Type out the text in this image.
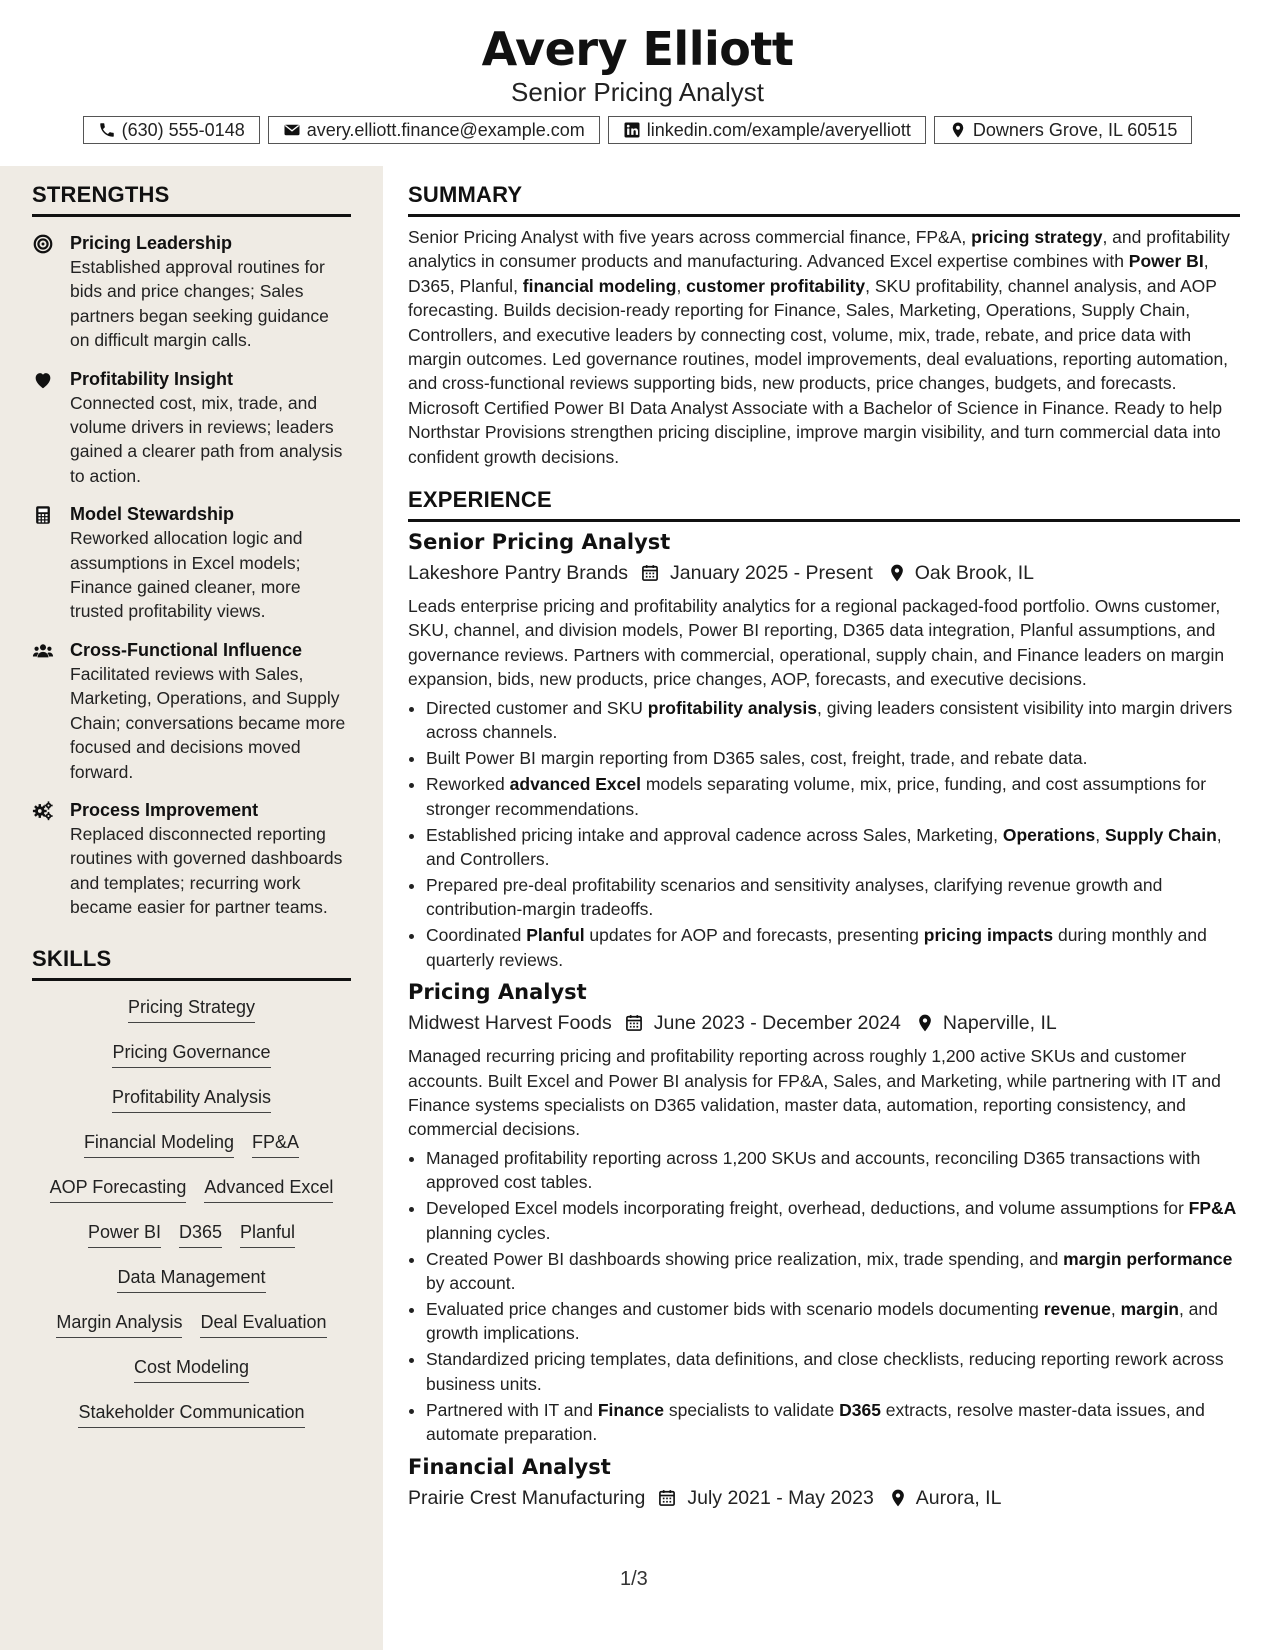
Avery Elliott
Senior Pricing Analyst
(630) 555-0148	avery.elliott.finance@example.com	linkedin.com/example/averyelliott	Downers Grove, IL 60515
STRENGTHS
Pricing Leadership
Established approval routines for bids and price changes; Sales partners began seeking guidance on difficult margin calls.
Profitability Insight
Connected cost, mix, trade, and volume drivers in reviews; leaders gained a clearer path from analysis to action.
Model Stewardship
Reworked allocation logic and assumptions in Excel models; Finance gained cleaner, more trusted profitability views.
Cross-Functional Influence
Facilitated reviews with Sales, Marketing, Operations, and Supply Chain; conversations became more focused and decisions moved forward.
Process Improvement
Replaced disconnected reporting routines with governed dashboards and templates; recurring work became easier for partner teams.
SKILLS
Pricing Strategy
Pricing Governance
Profitability Analysis
Financial Modeling FP&A
AOP Forecasting Advanced Excel
Power BI D365 Planful
Data Management
Margin Analysis Deal Evaluation
Cost Modeling
Stakeholder Communication
SUMMARY

Senior Pricing Analyst with five years across commercial finance, FP&A, pricing strategy, and profitability analytics in consumer products and manufacturing. Advanced Excel expertise combines with Power BI, D365, Planful, financial modeling, customer profitability, SKU profitability, channel analysis, and AOP forecasting. Builds decision-ready reporting for Finance, Sales, Marketing, Operations, Supply Chain, Controllers, and executive leaders by connecting cost, volume, mix, trade, rebate, and price data with margin outcomes. Led governance routines, model improvements, deal evaluations, reporting automation, and cross-functional reviews supporting bids, new products, price changes, budgets, and forecasts. Microsoft Certified Power BI Data Analyst Associate with a Bachelor of Science in Finance. Ready to help Northstar Provisions strengthen pricing discipline, improve margin visibility, and turn commercial data into confident growth decisions.

EXPERIENCE
Senior Pricing Analyst
Lakeshore Pantry Brands January 2025 - Present Oak Brook, IL

Leads enterprise pricing and profitability analytics for a regional packaged-food portfolio. Owns customer, SKU, channel, and division models, Power BI reporting, D365 data integration, Planful assumptions, and governance reviews. Partners with commercial, operational, supply chain, and Finance leaders on margin expansion, bids, new products, price changes, AOP, forecasts, and executive decisions.

• Directed customer and SKU profitability analysis, giving leaders consistent visibility into margin drivers across channels.
• Built Power BI margin reporting from D365 sales, cost, freight, trade, and rebate data.
• Reworked advanced Excel models separating volume, mix, price, funding, and cost assumptions for stronger recommendations.
• Established pricing intake and approval cadence across Sales, Marketing, Operations, Supply Chain, and Controllers.
• Prepared pre-deal profitability scenarios and sensitivity analyses, clarifying revenue growth and contribution-margin tradeoffs.
• Coordinated Planful updates for AOP and forecasts, presenting pricing impacts during monthly and quarterly reviews.
Pricing Analyst
Midwest Harvest Foods June 2023 - December 2024 Naperville, IL

Managed recurring pricing and profitability reporting across roughly 1,200 active SKUs and customer accounts. Built Excel and Power BI analysis for FP&A, Sales, and Marketing, while partnering with IT and Finance systems specialists on D365 validation, master data, automation, reporting consistency, and commercial decisions.

• Managed profitability reporting across 1,200 SKUs and accounts, reconciling D365 transactions with approved cost tables.
• Developed Excel models incorporating freight, overhead, deductions, and volume assumptions for FP&A planning cycles.
• Created Power BI dashboards showing price realization, mix, trade spending, and margin performance by account.
• Evaluated price changes and customer bids with scenario models documenting revenue, margin, and growth implications.
• Standardized pricing templates, data definitions, and close checklists, reducing reporting rework across business units.
• Partnered with IT and Finance specialists to validate D365 extracts, resolve master-data issues, and automate preparation.
Financial Analyst
Prairie Crest Manufacturing July 2021 - May 2023 Aurora, IL
1/3
